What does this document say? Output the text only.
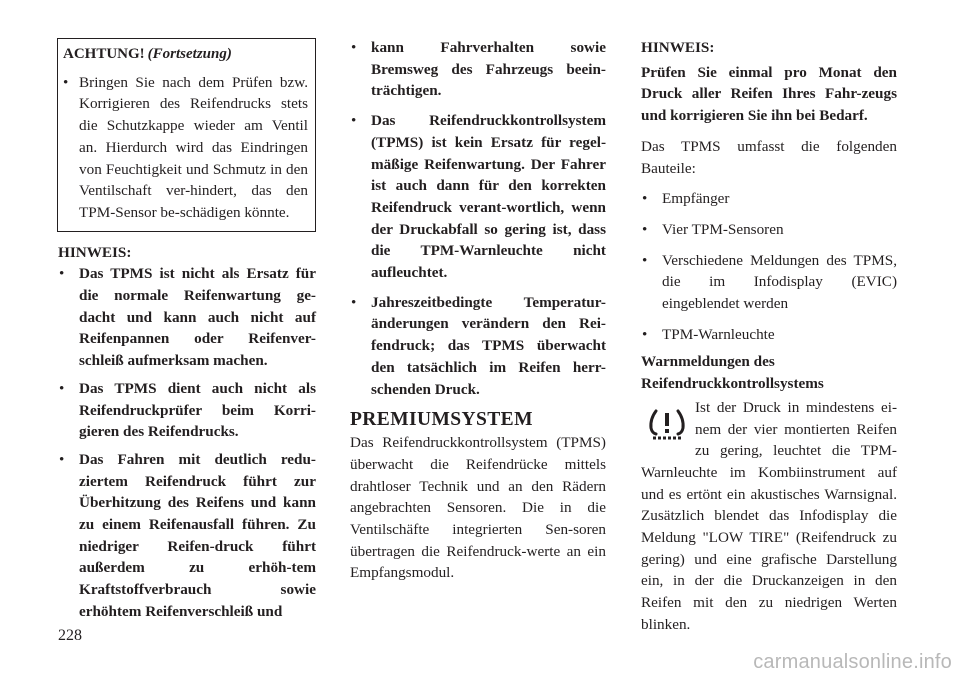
ACHTUNG! (Fortsetzung)
• Bringen Sie nach dem Prüfen bzw. Korrigieren des Reifendrucks stets die Schutzkappe wieder am Ventil an. Hierdurch wird das Eindringen von Feuchtigkeit und Schmutz in den Ventilschaft ver-hindert, das den TPM-Sensor be-schädigen könnte.
HINWEIS:
• Das TPMS ist nicht als Ersatz für die normale Reifenwartung ge-dacht und kann auch nicht auf Reifenpannen oder Reifenver-schleiß aufmerksam machen.
• Das TPMS dient auch nicht als Reifendruckprüfer beim Korri-gieren des Reifendrucks.
• Das Fahren mit deutlich redu-ziertem Reifendruck führt zur Überhitzung des Reifens und kann zu einem Reifenausfall führen. Zu niedriger Reifen-druck führt außerdem zu erhöh-tem Kraftstoffverbrauch sowie erhöhtem Reifenverschleiß und
• kann Fahrverhalten sowie Bremsweg des Fahrzeugs beein-trächtigen.
• Das Reifendruckkontrollsystem (TPMS) ist kein Ersatz für regel-mäßige Reifenwartung. Der Fahrer ist auch dann für den korrekten Reifendruck verant-wortlich, wenn der Druckabfall so gering ist, dass die TPM-Warnleuchte nicht aufleuchtet.
• Jahreszeitbedingte Temperatur-änderungen verändern den Rei-fendruck; das TPMS überwacht den tatsächlich im Reifen herr-schenden Druck.
PREMIUMSYSTEM

Das Reifendruckkontrollsystem (TPMS) überwacht die Reifendrücke mittels drahtloser Technik und an den Rädern angebrachten Sensoren. Die in die Ventilschäfte integrierten Sen-soren übertragen die Reifendruck-werte an ein Empfangsmodul.

HINWEIS:

Prüfen Sie einmal pro Monat den Druck aller Reifen Ihres Fahr-zeugs und korrigieren Sie ihn bei Bedarf.

Das TPMS umfasst die folgenden Bauteile:

• Empfänger
• Vier TPM-Sensoren
• Verschiedene Meldungen des TPMS, die im Infodisplay (EVIC) eingeblendet werden
• TPM-Warnleuchte
Warnmeldungen des Reifendruckkontrollsystems

Ist der Druck in mindestens ei-nem der vier montierten Reifen zu gering, leuchtet die TPM-Warnleuchte im Kombiinstrument auf und es ertönt ein akustisches Warnsignal. Zusätzlich blendet das Infodisplay die Meldung "LOW TIRE" (Reifendruck zu gering) und eine grafische Darstellung ein, in der die Druckanzeigen in den Reifen mit den zu niedrigen Werten blinken.

228
carmanualsonline.info
